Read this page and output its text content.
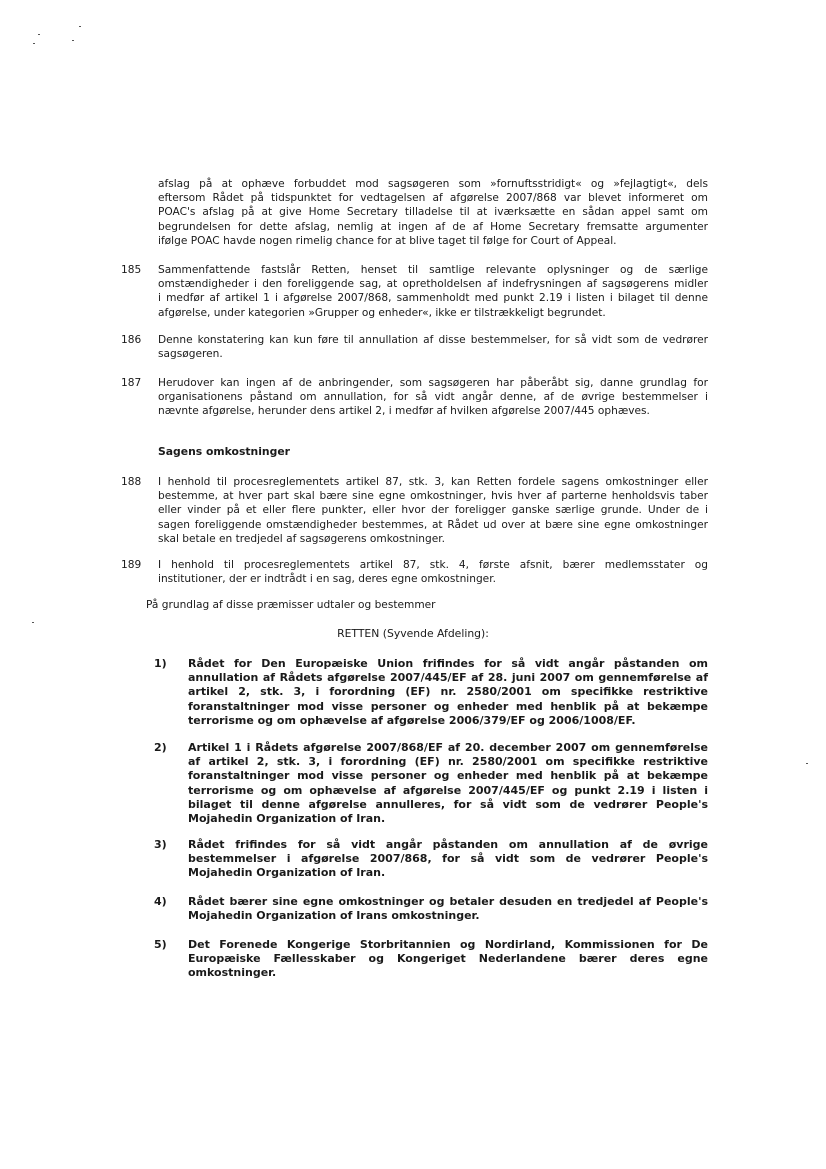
afslag på at ophæve forbuddet mod sagsøgeren som »fornuftsstridigt« og »fejlagtigt«, dels
eftersom Rådet på tidspunktet for vedtagelsen af afgørelse 2007/868 var blevet informeret om
POAC's afslag på at give Home Secretary tilladelse til at iværksætte en sådan appel samt om
begrundelsen for dette afslag, nemlig at ingen af de af Home Secretary fremsatte argumenter
ifølge POAC havde nogen rimelig chance for at blive taget til følge for Court of Appeal.
185 Sammenfattende fastslår Retten, henset til samtlige relevante oplysninger og de særlige
omstændigheder i den foreliggende sag, at opretholdelsen af indefrysningen af sagsøgerens midler
i medfør af artikel 1 i afgørelse 2007/868, sammenholdt med punkt 2.19 i listen i bilaget til denne
afgørelse, under kategorien »Grupper og enheder«, ikke er tilstrækkeligt begrundet.
186 Denne konstatering kan kun føre til annullation af disse bestemmelser, for så vidt som de vedrører
sagsøgeren.
187 Herudover kan ingen af de anbringender, som sagsøgeren har påberåbt sig, danne grundlag for
organisationens påstand om annullation, for så vidt angår denne, af de øvrige bestemmelser i
nævnte afgørelse, herunder dens artikel 2, i medfør af hvilken afgørelse 2007/445 ophæves.
Sagens omkostninger
188 I henhold til procesreglementets artikel 87, stk. 3, kan Retten fordele sagens omkostninger eller
bestemme, at hver part skal bære sine egne omkostninger, hvis hver af parterne henholdsvis taber
eller vinder på et eller flere punkter, eller hvor der foreligger ganske særlige grunde. Under de i
sagen foreliggende omstændigheder bestemmes, at Rådet ud over at bære sine egne omkostninger
skal betale en tredjedel af sagsøgerens omkostninger.
189 I henhold til procesreglementets artikel 87, stk. 4, første afsnit, bærer medlemsstater og
institutioner, der er indtrådt i en sag, deres egne omkostninger.
På grundlag af disse præmisser udtaler og bestemmer
RETTEN (Syvende Afdeling):
1) Rådet for Den Europæiske Union frifindes for så vidt angår påstanden om
annullation af Rådets afgørelse 2007/445/EF af 28. juni 2007 om gennemførelse af
artikel 2, stk. 3, i forordning (EF) nr. 2580/2001 om specifikke restriktive
foranstaltninger mod visse personer og enheder med henblik på at bekæmpe
terrorisme og om ophævelse af afgørelse 2006/379/EF og 2006/1008/EF.
2) Artikel 1 i Rådets afgørelse 2007/868/EF af 20. december 2007 om gennemførelse
af artikel 2, stk. 3, i forordning (EF) nr. 2580/2001 om specifikke restriktive
foranstaltninger mod visse personer og enheder med henblik på at bekæmpe
terrorisme og om ophævelse af afgørelse 2007/445/EF og punkt 2.19 i listen i
bilaget til denne afgørelse annulleres, for så vidt som de vedrører People's
Mojahedin Organization of Iran.
3) Rådet frifindes for så vidt angår påstanden om annullation af de øvrige
bestemmelser i afgørelse 2007/868, for så vidt som de vedrører People's
Mojahedin Organization of Iran.
4) Rådet bærer sine egne omkostninger og betaler desuden en tredjedel af People's
Mojahedin Organization of Irans omkostninger.
5) Det Forenede Kongerige Storbritannien og Nordirland, Kommissionen for De
Europæiske Fællesskaber og Kongeriget Nederlandene bærer deres egne
omkostninger.
